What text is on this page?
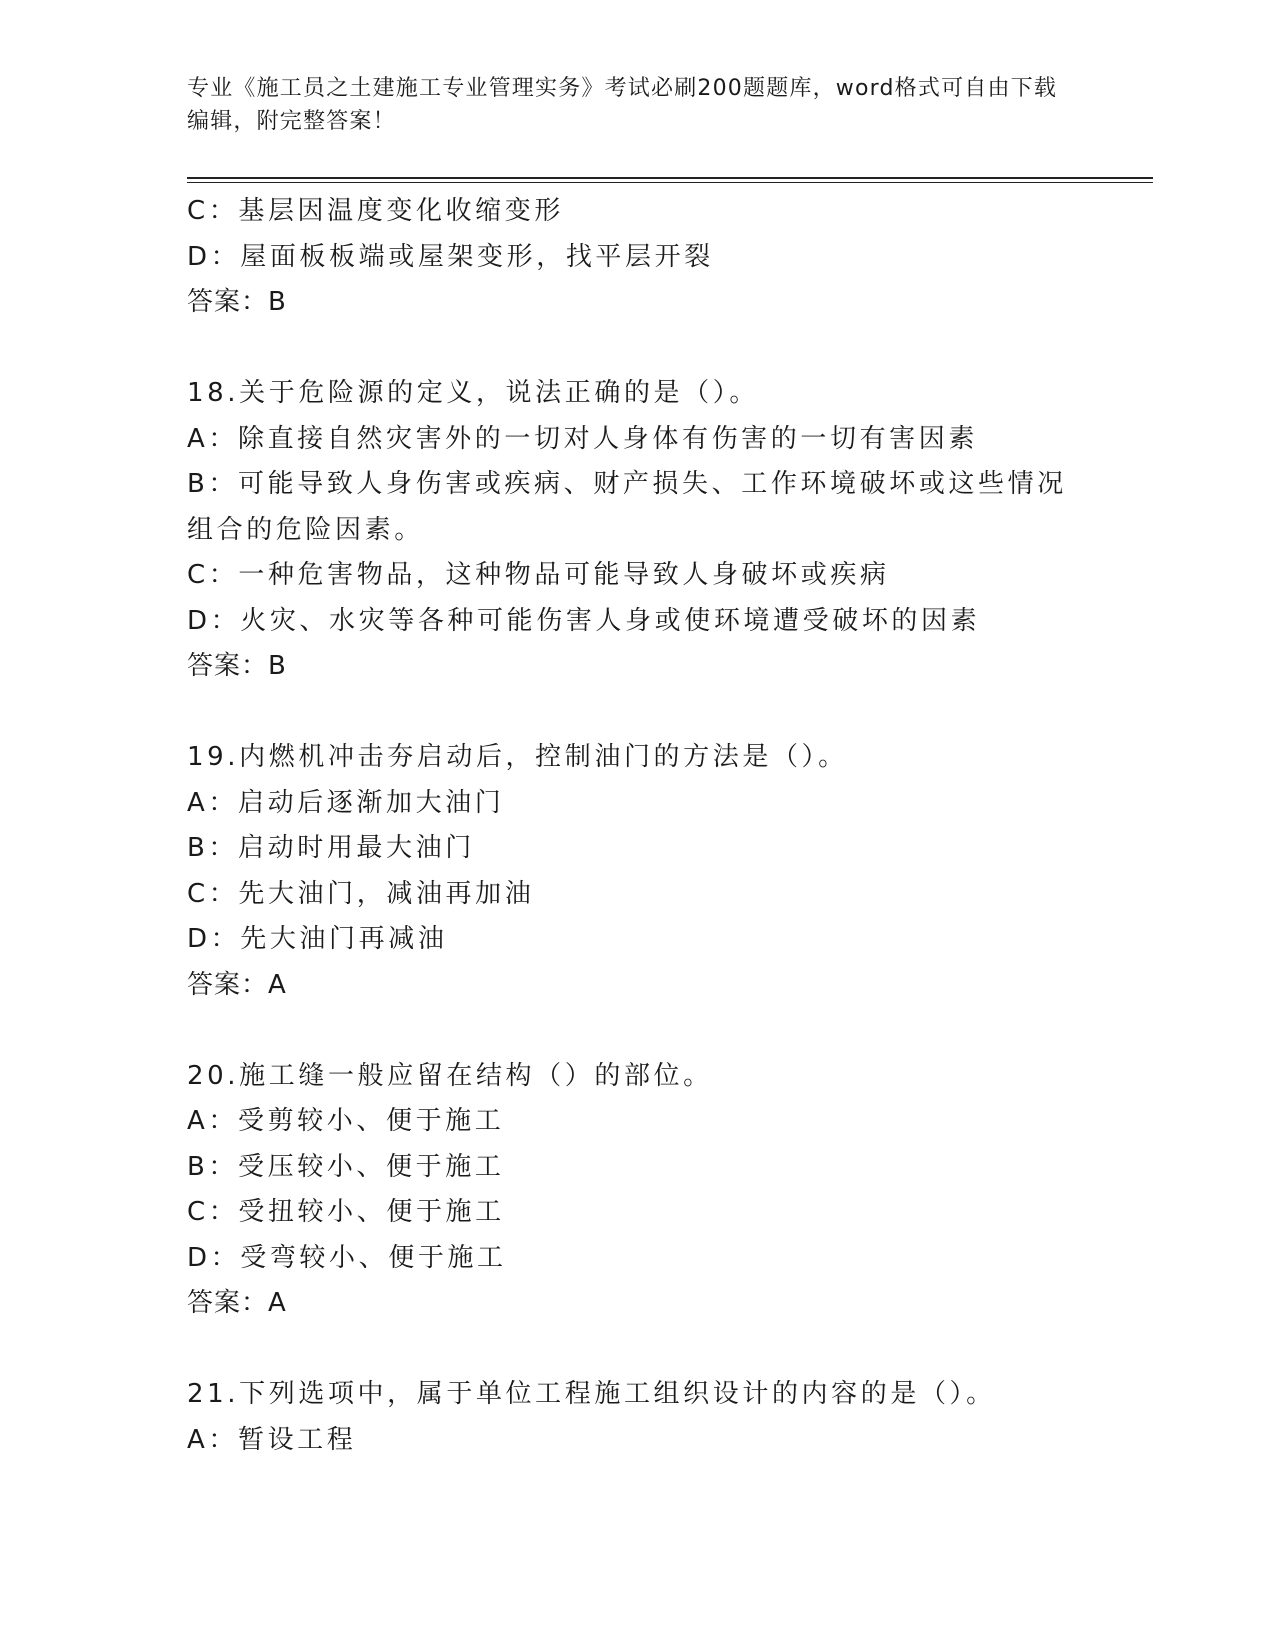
专业《施工员之土建施工专业管理实务》考试必刷200题题库，word格式可自由下载编辑，附完整答案！
C：基层因温度变化收缩变形
D：屋面板板端或屋架变形，找平层开裂
答案：B
18.关于危险源的定义，说法正确的是（）。
A：除直接自然灾害外的一切对人身体有伤害的一切有害因素
B：可能导致人身伤害或疾病、财产损失、工作环境破坏或这些情况组合的危险因素。
C：一种危害物品，这种物品可能导致人身破坏或疾病
D：火灾、水灾等各种可能伤害人身或使环境遭受破坏的因素
答案：B
19.内燃机冲击夯启动后，控制油门的方法是（）。
A：启动后逐渐加大油门
B：启动时用最大油门
C：先大油门，减油再加油
D：先大油门再减油
答案：A
20.施工缝一般应留在结构（）的部位。
A：受剪较小、便于施工
B：受压较小、便于施工
C：受扭较小、便于施工
D：受弯较小、便于施工
答案：A
21.下列选项中，属于单位工程施工组织设计的内容的是（）。
A：暂设工程
